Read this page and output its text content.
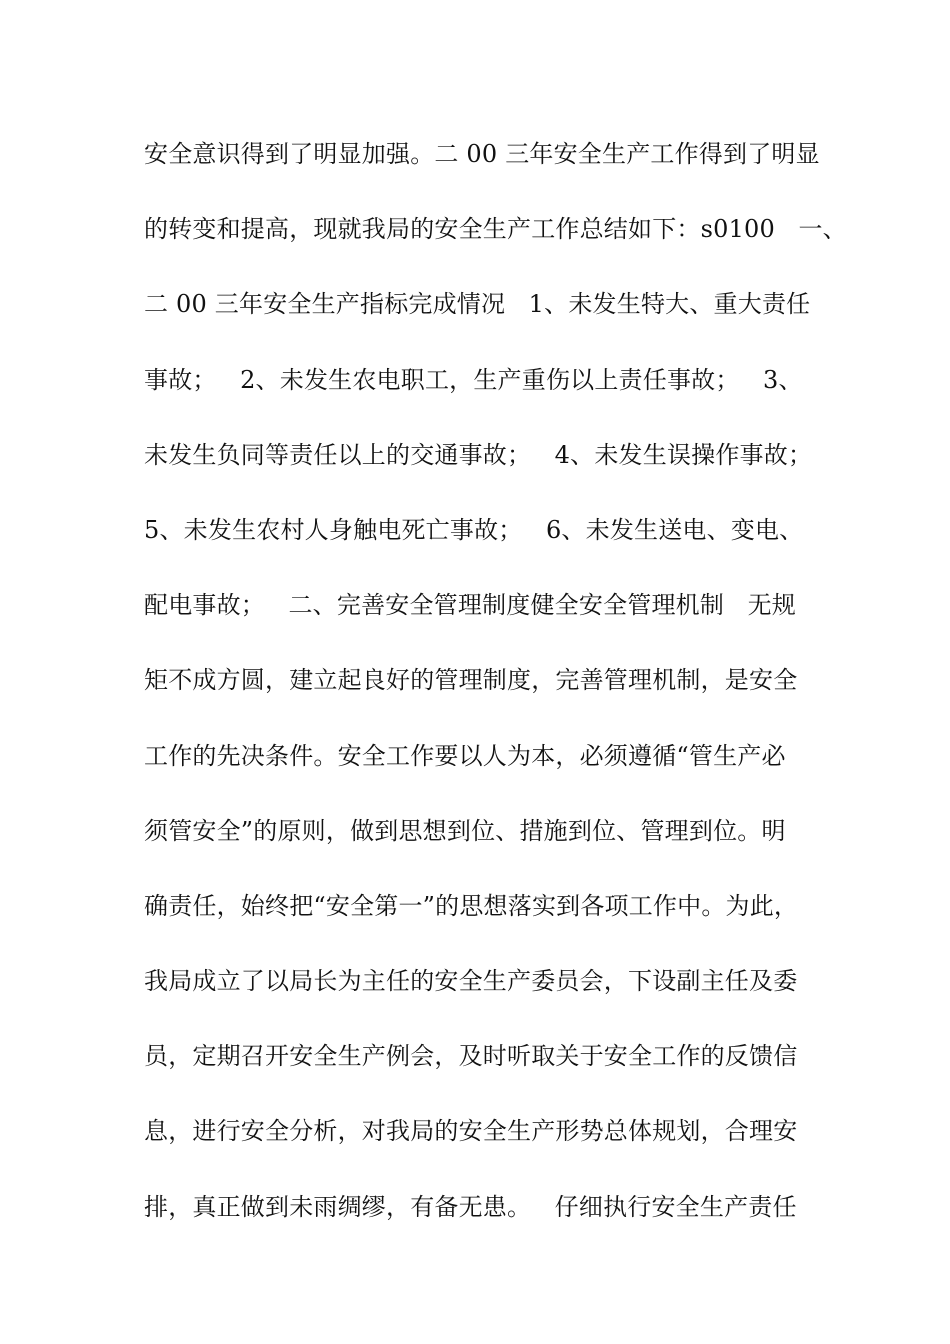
安全意识得到了明显加强。二 00 三年安全生产工作得到了明显
的转变和提高，现就我局的安全生产工作总结如下：s0100   一、
二 00 三年安全生产指标完成情况   1、未发生特大、重大责任
事故；   2、未发生农电职工，生产重伤以上责任事故；   3、
未发生负同等责任以上的交通事故；   4、未发生误操作事故；
5、未发生农村人身触电死亡事故；   6、未发生送电、变电、
配电事故；   二、完善安全管理制度健全安全管理机制   无规
矩不成方圆，建立起良好的管理制度，完善管理机制，是安全
工作的先决条件。安全工作要以人为本，必须遵循“管生产必
须管安全”的原则，做到思想到位、措施到位、管理到位。明
确责任，始终把“安全第一”的思想落实到各项工作中。为此，
我局成立了以局长为主任的安全生产委员会，下设副主任及委
员，定期召开安全生产例会，及时听取关于安全工作的反馈信
息，进行安全分析，对我局的安全生产形势总体规划，合理安
排，真正做到未雨绸缪，有备无患。   仔细执行安全生产责任
